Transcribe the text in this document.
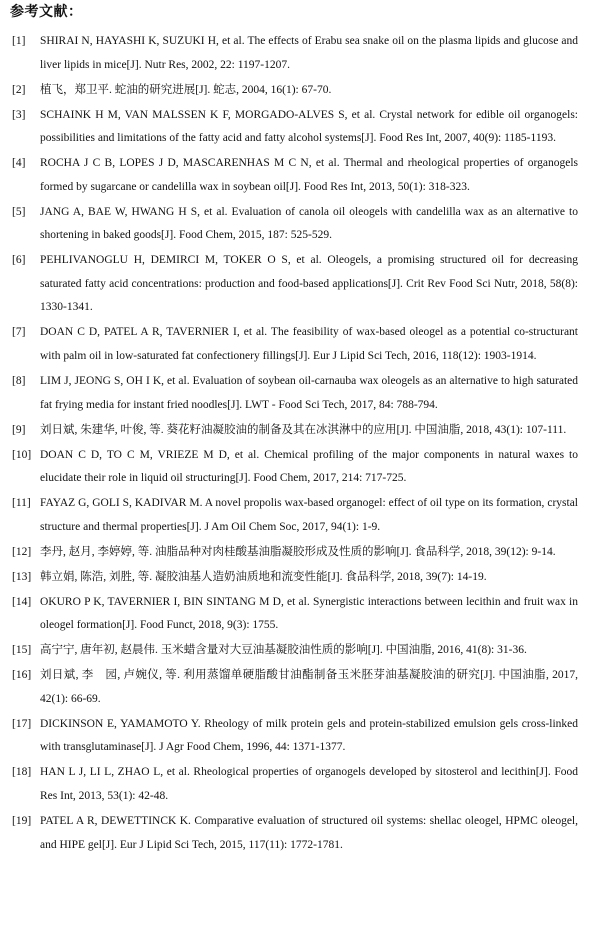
参考文献：
[1] SHIRAI N, HAYASHI K, SUZUKI H, et al. The effects of Erabu sea snake oil on the plasma lipids and glucose and liver lipids in mice[J]. Nutr Res, 2002, 22: 1197-1207.
[2] 植飞，郑卫平. 蛇油的研究进展[J]. 蛇志, 2004, 16(1): 67-70.
[3] SCHAINK H M, VAN MALSSEN K F, MORGADO-ALVES S, et al. Crystal network for edible oil organogels: possibilities and limitations of the fatty acid and fatty alcohol systems[J]. Food Res Int, 2007, 40(9): 1185-1193.
[4] ROCHA J C B, LOPES J D, MASCARENHAS M C N, et al. Thermal and rheological properties of organogels formed by sugarcane or candelilla wax in soybean oil[J]. Food Res Int, 2013, 50(1): 318-323.
[5] JANG A, BAE W, HWANG H S, et al. Evaluation of canola oil oleogels with candelilla wax as an alternative to shortening in baked goods[J]. Food Chem, 2015, 187: 525-529.
[6] PEHLIVANOGLU H, DEMIRCI M, TOKER O S, et al. Oleogels, a promising structured oil for decreasing saturated fatty acid concentrations: production and food-based applications[J]. Crit Rev Food Sci Nutr, 2018, 58(8): 1330-1341.
[7] DOAN C D, PATEL A R, TAVERNIER I, et al. The feasibility of wax-based oleogel as a potential co-structurant with palm oil in low-saturated fat confectionery fillings[J]. Eur J Lipid Sci Tech, 2016, 118(12): 1903-1914.
[8] LIM J, JEONG S, OH I K, et al. Evaluation of soybean oil-carnauba wax oleogels as an alternative to high saturated fat frying media for instant fried noodles[J]. LWT - Food Sci Tech, 2017, 84: 788-794.
[9] 刘日斌, 朱建华, 叶俊, 等. 葵花籽油凝胶油的制备及其在冰淇淋中的应用[J]. 中国油脂, 2018, 43(1): 107-111.
[10] DOAN C D, TO C M, VRIEZE M D, et al. Chemical profiling of the major components in natural waxes to elucidate their role in liquid oil structuring[J]. Food Chem, 2017, 214: 717-725.
[11] FAYAZ G, GOLI S, KADIVAR M. A novel propolis wax-based organogel: effect of oil type on its formation, crystal structure and thermal properties[J]. J Am Oil Chem Soc, 2017, 94(1): 1-9.
[12] 李丹, 赵月, 李婷婷, 等. 油脂品种对肉桂酸基油脂凝胶形成及性质的影响[J]. 食品科学, 2018, 39(12): 9-14.
[13] 韩立娟, 陈浩, 刘胜, 等. 凝胶油基人造奶油质地和流变性能[J]. 食品科学, 2018, 39(7): 14-19.
[14] OKURO P K, TAVERNIER I, BIN SINTANG M D, et al. Synergistic interactions between lecithin and fruit wax in oleogel formation[J]. Food Funct, 2018, 9(3): 1755.
[15] 高宁宁, 唐年初, 赵晨伟. 玉米蜡含量对大豆油基凝胶油性质的影响[J]. 中国油脂, 2016, 41(8): 31-36.
[16] 刘日斌, 李　园, 卢婉仪, 等. 利用蒸馏单硬脂酸甘油酯制备玉米胚芽油基凝胶油的研究[J]. 中国油脂, 2017, 42(1): 66-69.
[17] DICKINSON E, YAMAMOTO Y. Rheology of milk protein gels and protein-stabilized emulsion gels cross-linked with transglutaminase[J]. J Agr Food Chem, 1996, 44: 1371-1377.
[18] HAN L J, LI L, ZHAO L, et al. Rheological properties of organogels developed by sitosterol and lecithin[J]. Food Res Int, 2013, 53(1): 42-48.
[19] PATEL A R, DEWETTINCK K. Comparative evaluation of structured oil systems: shellac oleogel, HPMC oleogel, and HIPE gel[J]. Eur J Lipid Sci Tech, 2015, 117(11): 1772-1781.
